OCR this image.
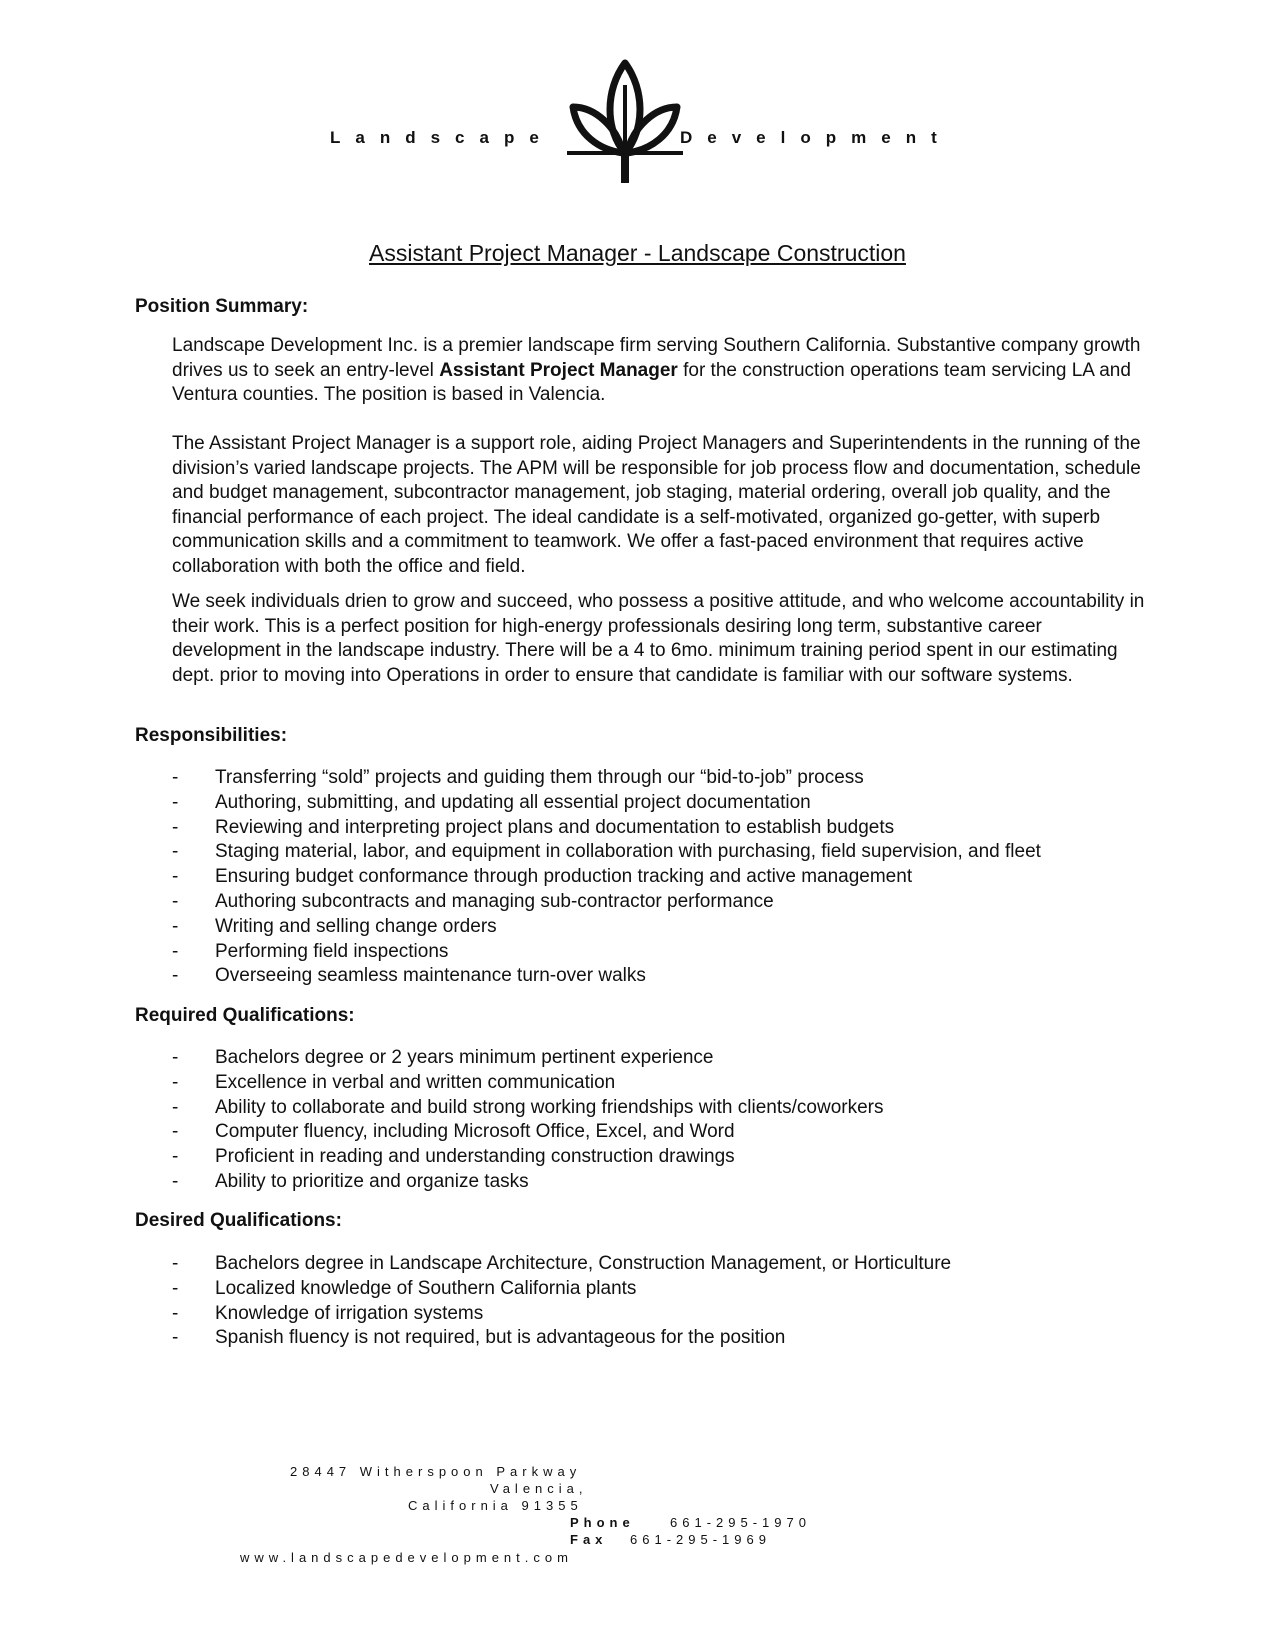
Landscape	Development
Assistant Project Manager - Landscape Construction
Position Summary:

Landscape Development Inc. is a premier landscape firm serving Southern California. Substantive company growth drives us to seek an entry-level Assistant Project Manager for the construction operations team servicing LA and Ventura counties. The position is based in Valencia.

The Assistant Project Manager is a support role, aiding Project Managers and Superintendents in the running of the division’s varied landscape projects. The APM will be responsible for job process flow and documentation, schedule and budget management, subcontractor management, job staging, material ordering, overall job quality, and the financial performance of each project. The ideal candidate is a self-motivated, organized go-getter, with superb communication skills and a commitment to teamwork. We offer a fast-paced environment that requires active collaboration with both the office and field.

We seek individuals drien to grow and succeed, who possess a positive attitude, and who welcome accountability in their work. This is a perfect position for high-energy professionals desiring long term, substantive career development in the landscape industry. There will be a 4 to 6mo. minimum training period spent in our estimating dept. prior to moving into Operations in order to ensure that candidate is familiar with our software systems.

Responsibilities:
- Transferring “sold” projects and guiding them through our “bid-to-job” process
- Authoring, submitting, and updating all essential project documentation
- Reviewing and interpreting project plans and documentation to establish budgets
- Staging material, labor, and equipment in collaboration with purchasing, field supervision, and fleet
- Ensuring budget conformance through production tracking and active management
- Authoring subcontracts and managing sub-contractor performance
- Writing and selling change orders
- Performing field inspections
- Overseeing seamless maintenance turn-over walks
Required Qualifications:
- Bachelors degree or 2 years minimum pertinent experience
- Excellence in verbal and written communication
- Ability to collaborate and build strong working friendships with clients/coworkers
- Computer fluency, including Microsoft Office, Excel, and Word
- Proficient in reading and understanding construction drawings
- Ability to prioritize and organize tasks
Desired Qualifications:
- Bachelors degree in Landscape Architecture, Construction Management, or Horticulture
- Localized knowledge of Southern California plants
- Knowledge of irrigation systems
- Spanish fluency is not required, but is advantageous for the position
28447 Witherspoon Parkway
Valencia,
California 91355
Phone	661-295-1970
Fax 661-295-1969
www.landscapedevelopment.com
